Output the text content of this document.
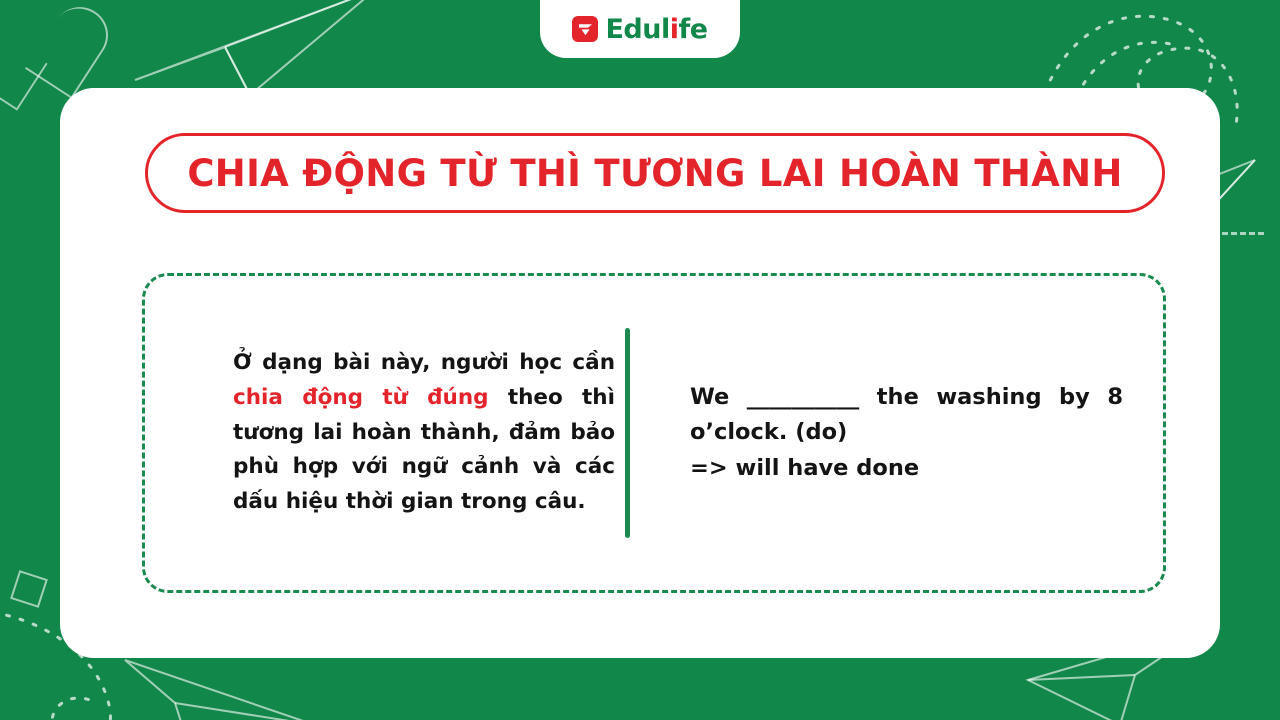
Edulife
CHIA ĐỘNG TỪ THÌ TƯƠNG LAI HOÀN THÀNH

Ở dạng bài này, người học cần chia động từ đúng theo thì tương lai hoàn thành, đảm bảo phù hợp với ngữ cảnh và các dấu hiệu thời gian trong câu.

We __________ the washing by 8 o’clock. (do)

=> will have done
